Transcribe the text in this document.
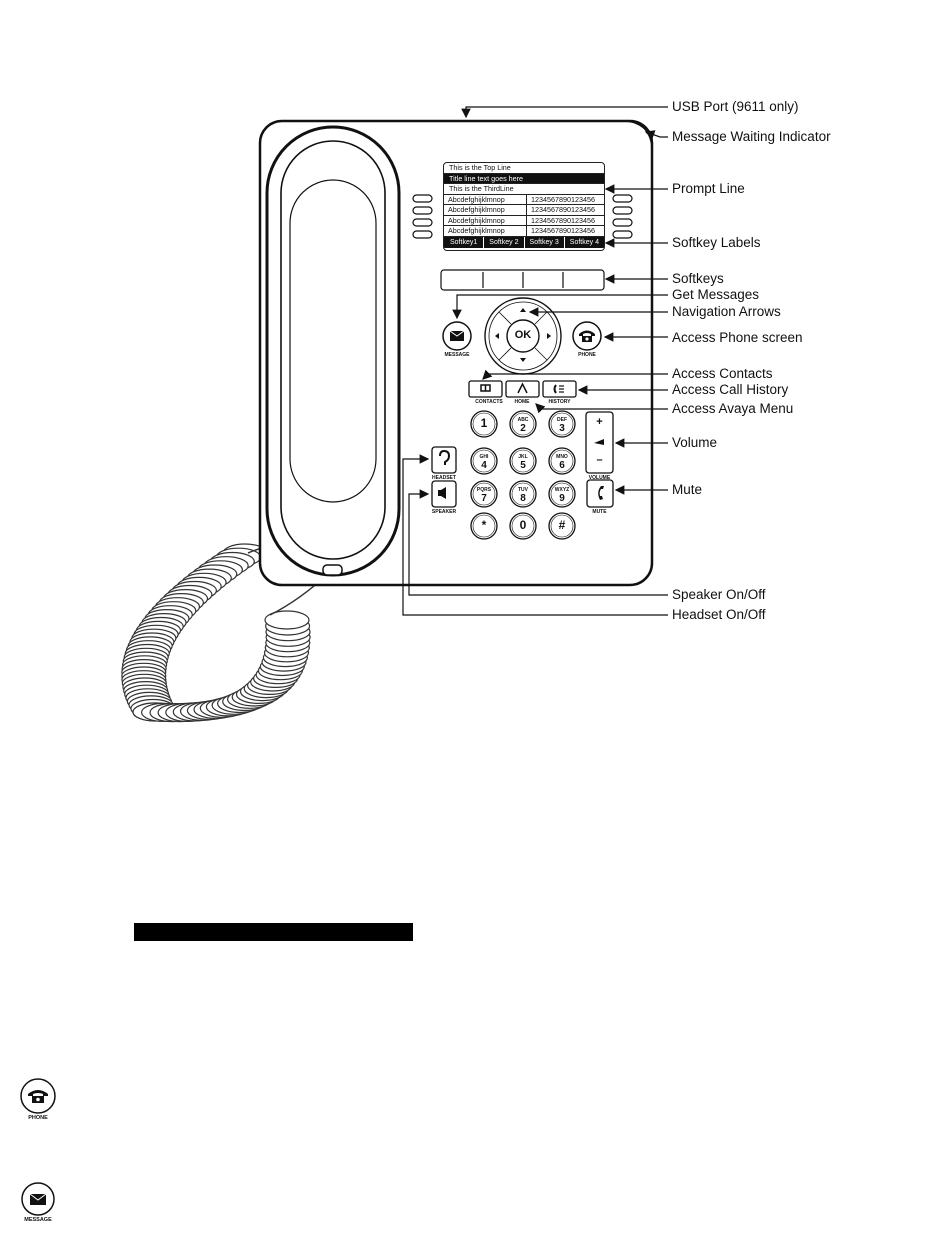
This is the Top Line
Title line text goes here
This is the ThirdLine
Abcdefghijklmnop	1234567890123456
Abcdefghijklmnop	1234567890123456
Abcdefghijklmnop	1234567890123456
Abcdefghijklmnop	1234567890123456
Softkey1	Softkey 2	Softkey 3	Softkey 4
OK
MESSAGE	PHONE
CONTACTS	HOME	HISTORY
HEADSET
SPEAKER
VOLUME
MUTE
+
–
1	ABC
2
DEF
3
GHI
4
JKL
5
MNO
6
PQRS
7
TUV
8
WXYZ
9
*	0	#
USB Port (9611 only)
Message Waiting Indicator
Prompt Line
Softkey Labels
Softkeys
Get Messages
Navigation Arrows
Access Phone screen
Access Contacts
Access Call History
Access Avaya Menu
Volume
Mute
Speaker On/Off
Headset On/Off
PHONE
MESSAGE
